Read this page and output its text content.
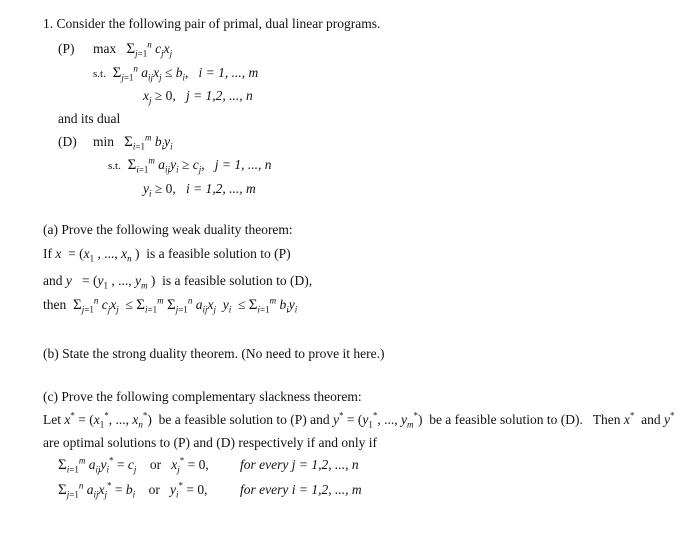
1. Consider the following pair of primal, dual linear programs.
(P) $\max \Sigma_{j=1}^n$ $c_jx_j$
s.t. $\Sigma_{j=1}^n$ $a_{ij}x_j \le b_i$,   i = 1, ..., m
$x_j \ge 0$,   j = 1,2, ..., n
and its dual
(D) $\min \Sigma_{i=1}^m$ $b_iy_i$
s.t. $\Sigma_{i=1}^m$ $a_{ij}y_i \ge c_j$,   j = 1, ..., n
$y_i \ge 0$,   i = 1,2, ..., m
(a) Prove the following weak duality theorem:
If $x = (x_1$ , ..., $x_n$ )  is a feasible solution to (P)
and $y = (y_1$ , ..., $y_m$ )  is a feasible solution to (D),
then $\Sigma_{j=1}^n$ $c_jx_j \le \Sigma_{i=1}^m$ $\Sigma_{j=1}^n$ $a_{ij}x_j$ $y_i \le \Sigma_{i=1}^m$ $b_iy_i$
(b) State the strong duality theorem. (No need to prove it here.)
(c) Prove the following complementary slackness theorem:
Let $x^* = (x_1^*$, ..., $x_n^*$)  be a feasible solution to (P) and $y^* = (y_1^*$, ..., $y_m^*$)  be a feasible solution to (D). Then x* and y*
are optimal solutions to (P) and (D) respectively if and only if
$\Sigma_{i=1}^m$ $a_{ij}y_i^* = c_j$ or $x_j^* = 0$, for every j = 1,2, ..., n
$\Sigma_{j=1}^n$ $a_{ij}x_j^* = b_i$ or $y_i^* = 0$, for every i = 1,2, ..., m
